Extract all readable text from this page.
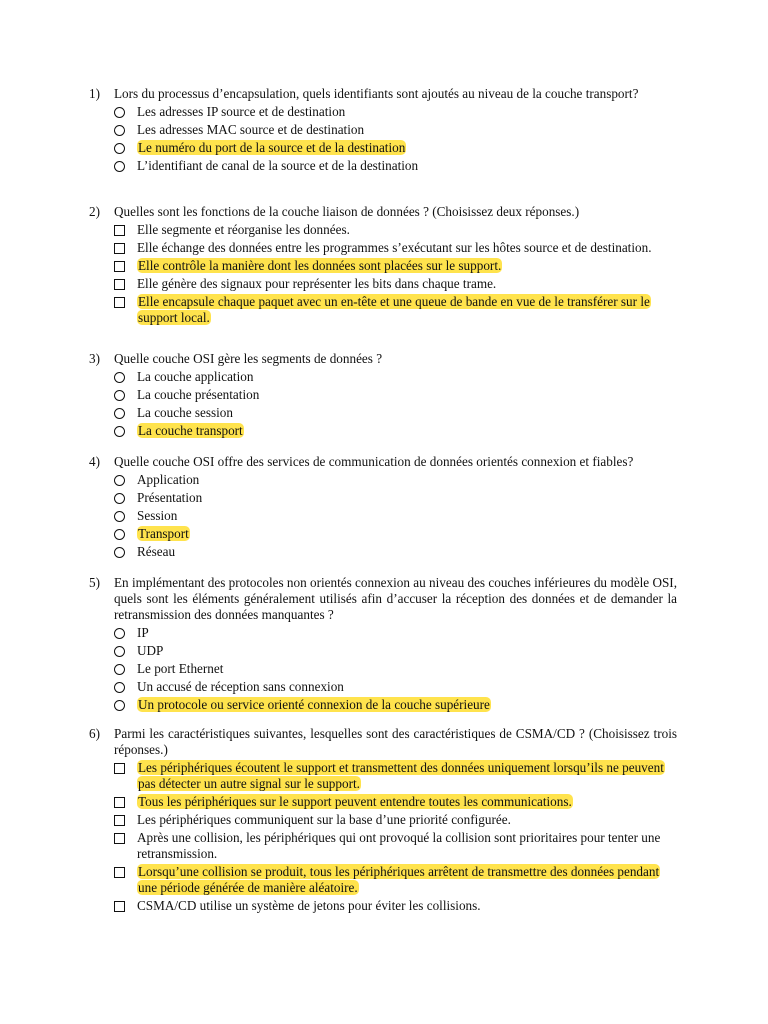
1)	Lors du processus d’encapsulation, quels identifiants sont ajoutés au niveau de la couche transport?
Les adresses IP source et de destination
Les adresses MAC source et de destination
Le numéro du port de la source et de la destination
L’identifiant de canal de la source et de la destination
2)	Quelles sont les fonctions de la couche liaison de données ? (Choisissez deux réponses.)
Elle segmente et réorganise les données.
Elle échange des données entre les programmes s’exécutant sur les hôtes source et de destination.
Elle contrôle la manière dont les données sont placées sur le support.
Elle génère des signaux pour représenter les bits dans chaque trame.
Elle encapsule chaque paquet avec un en-tête et une queue de bande en vue de le transférer sur le support local.
3)	Quelle couche OSI gère les segments de données ?
La couche application
La couche présentation
La couche session
La couche transport
4)	Quelle couche OSI offre des services de communication de données orientés connexion et fiables?
Application
Présentation
Session
Transport
Réseau
5)	En implémentant des protocoles non orientés connexion au niveau des couches inférieures du modèle OSI, quels sont les éléments généralement utilisés afin d’accuser la réception des données et de demander la retransmission des données manquantes ?
IP
UDP
Le port Ethernet
Un accusé de réception sans connexion
Un protocole ou service orienté connexion de la couche supérieure
6)	Parmi les caractéristiques suivantes, lesquelles sont des caractéristiques de CSMA/CD ? (Choisissez trois réponses.)
Les périphériques écoutent le support et transmettent des données uniquement lorsqu’ils ne peuvent pas détecter un autre signal sur le support.
Tous les périphériques sur le support peuvent entendre toutes les communications.
Les périphériques communiquent sur la base d’une priorité configurée.
Après une collision, les périphériques qui ont provoqué la collision sont prioritaires pour tenter une retransmission.
Lorsqu’une collision se produit, tous les périphériques arrêtent de transmettre des données pendant une période générée de manière aléatoire.
CSMA/CD utilise un système de jetons pour éviter les collisions.
